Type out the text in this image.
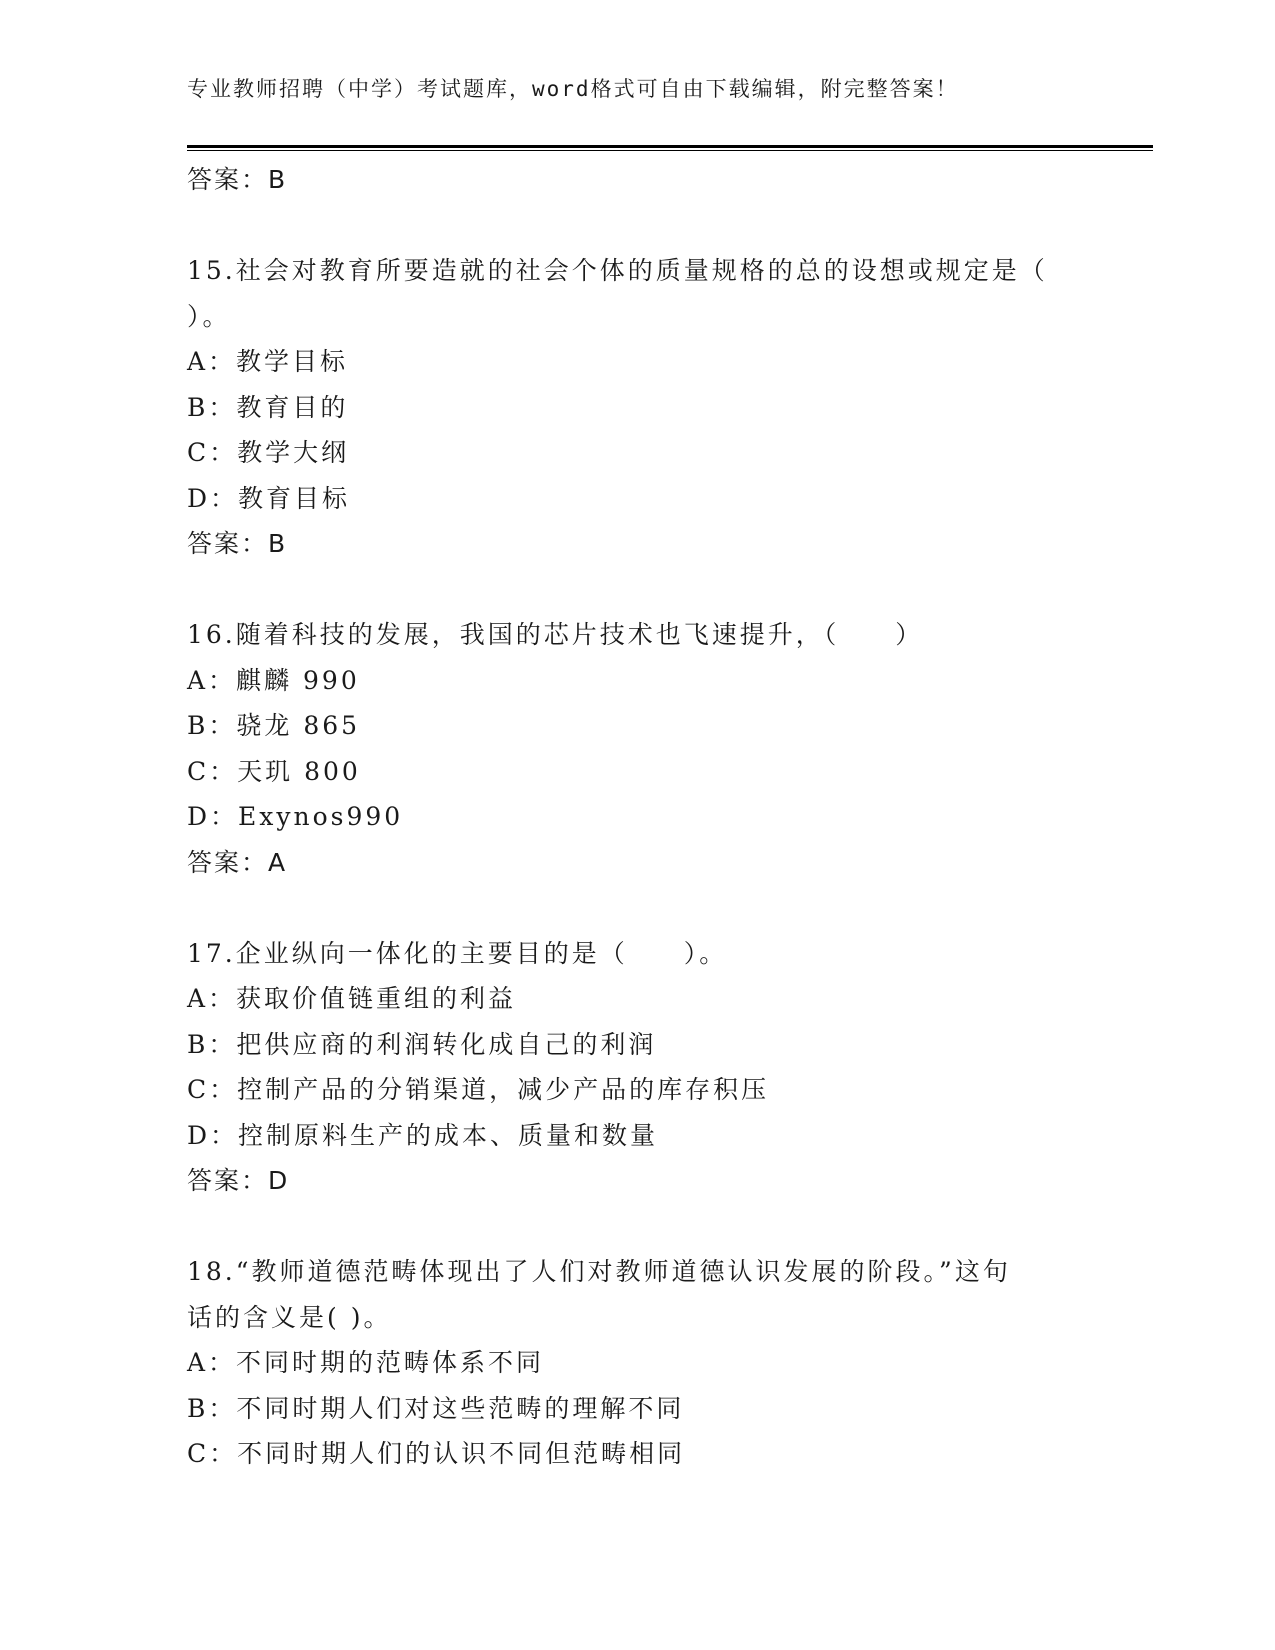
专业教师招聘（中学）考试题库，word格式可自由下载编辑，附完整答案！
答案：B
15.社会对教育所要造就的社会个体的质量规格的总的设想或规定是（
）。
A：教学目标
B：教育目的
C：教学大纲
D：教育目标
答案：B
16.随着科技的发展，我国的芯片技术也飞速提升，（　　）
A：麒麟 990
B：骁龙 865
C：天玑 800
D：Exynos990
答案：A
17.企业纵向一体化的主要目的是（　　）。
A：获取价值链重组的利益
B：把供应商的利润转化成自己的利润
C：控制产品的分销渠道，减少产品的库存积压
D：控制原料生产的成本、质量和数量
答案：D
18.“教师道德范畴体现出了人们对教师道德认识发展的阶段。”这句
话的含义是( )。
A：不同时期的范畴体系不同
B：不同时期人们对这些范畴的理解不同
C：不同时期人们的认识不同但范畴相同
